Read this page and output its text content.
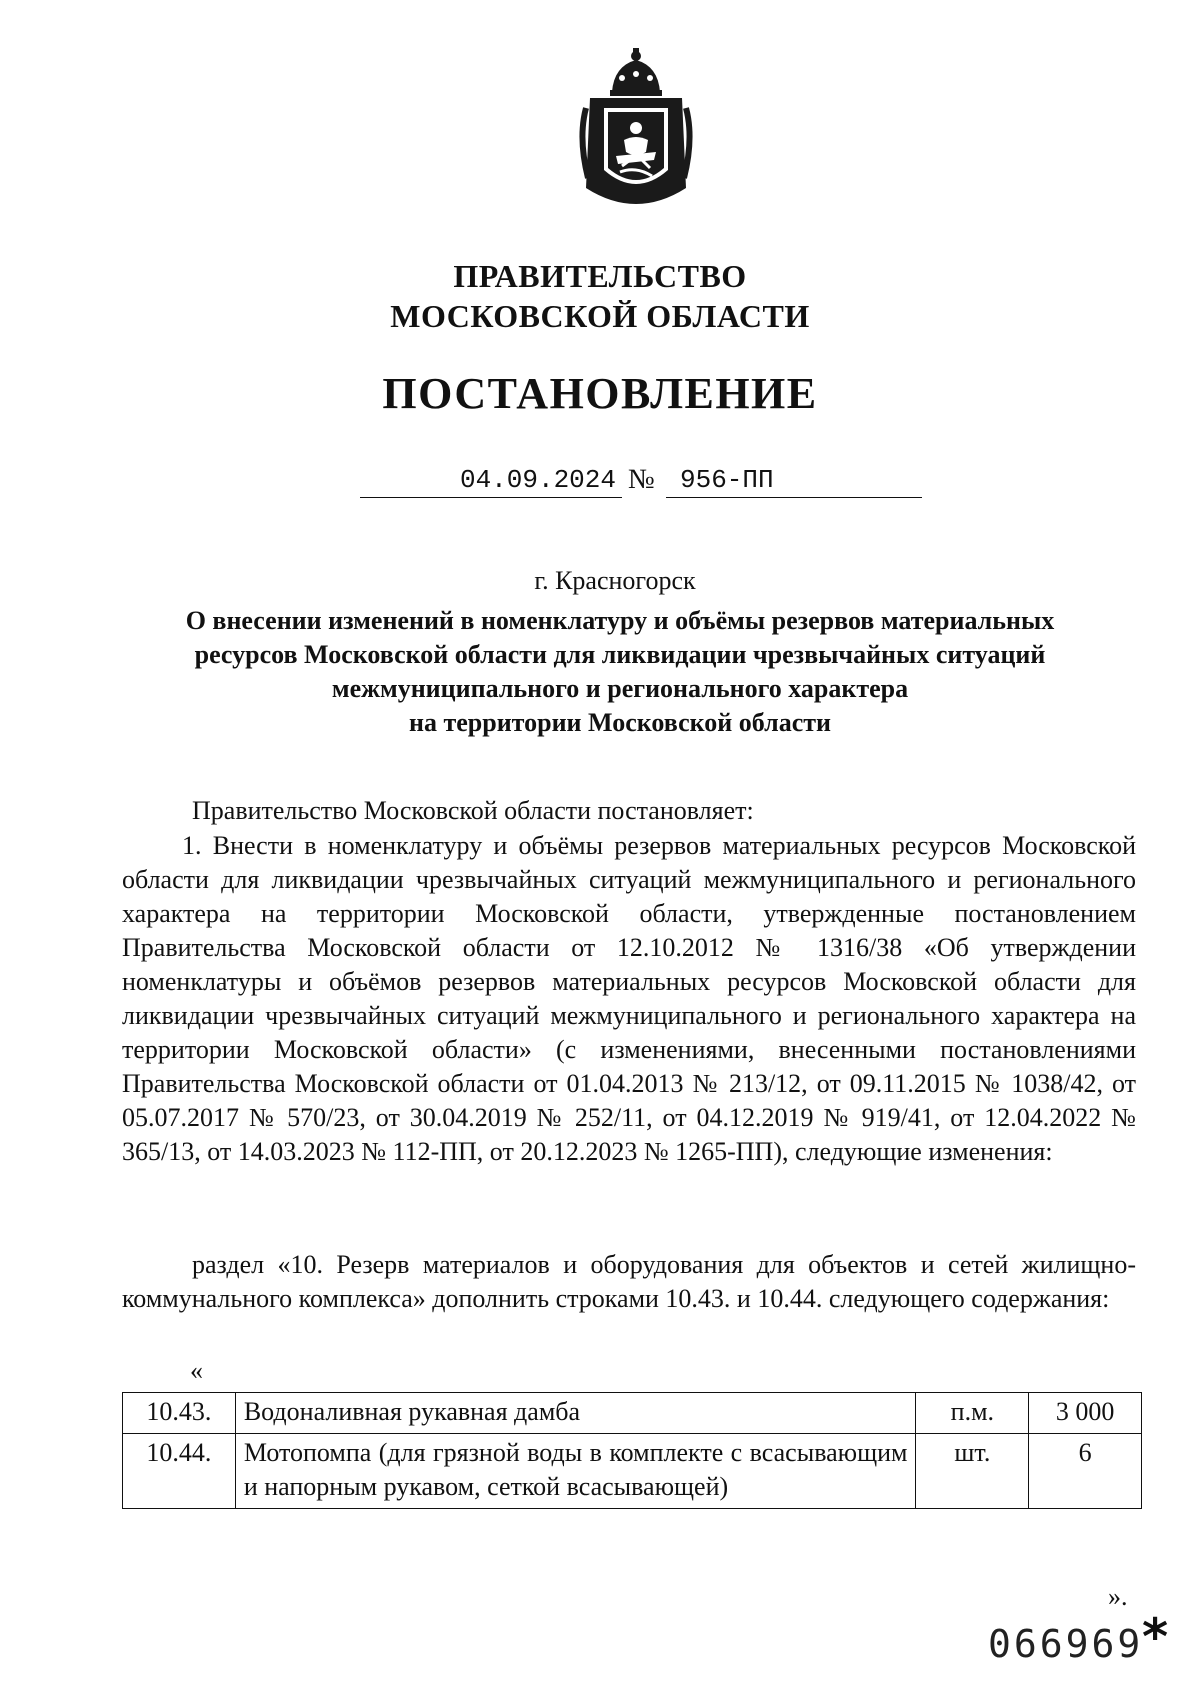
ПРАВИТЕЛЬСТВО
МОСКОВСКОЙ ОБЛАСТИ
ПОСТАНОВЛЕНИЕ
04.09.2024 № 956-ПП
г. Красногорск
О внесении изменений в номенклатуру и объёмы резервов материальных
ресурсов Московской области для ликвидации чрезвычайных ситуаций
межмуниципального и регионального характера
на территории Московской области
Правительство Московской области постановляет:
1. Внести в номенклатуру и объёмы резервов материальных ресурсов Московской области для ликвидации чрезвычайных ситуаций межмуниципального и регионального характера на территории Московской области, утвержденные постановлением Правительства Московской области от 12.10.2012 № 1316/38 «Об утверждении номенклатуры и объёмов резервов материальных ресурсов Московской области для ликвидации чрезвычайных ситуаций межмуниципального и регионального характера на территории Московской области» (с изменениями, внесенными постановлениями Правительства Московской области от 01.04.2013 № 213/12, от 09.11.2015 № 1038/42, от 05.07.2017 № 570/23, от 30.04.2019 № 252/11, от 04.12.2019 № 919/41, от 12.04.2022 № 365/13, от 14.03.2023 № 112-ПП, от 20.12.2023 № 1265-ПП), следующие изменения:
раздел «10. Резерв материалов и оборудования для объектов и сетей жилищно-коммунального комплекса» дополнить строками 10.43. и 10.44. следующего содержания:
«
10.43.	Водоналивная рукавная дамба	п.м.	3 000
10.44.	Мотопомпа (для грязной воды в комплекте с всасывающим и напорным рукавом, сеткой всасывающей)	шт.	6
».
066969
*
